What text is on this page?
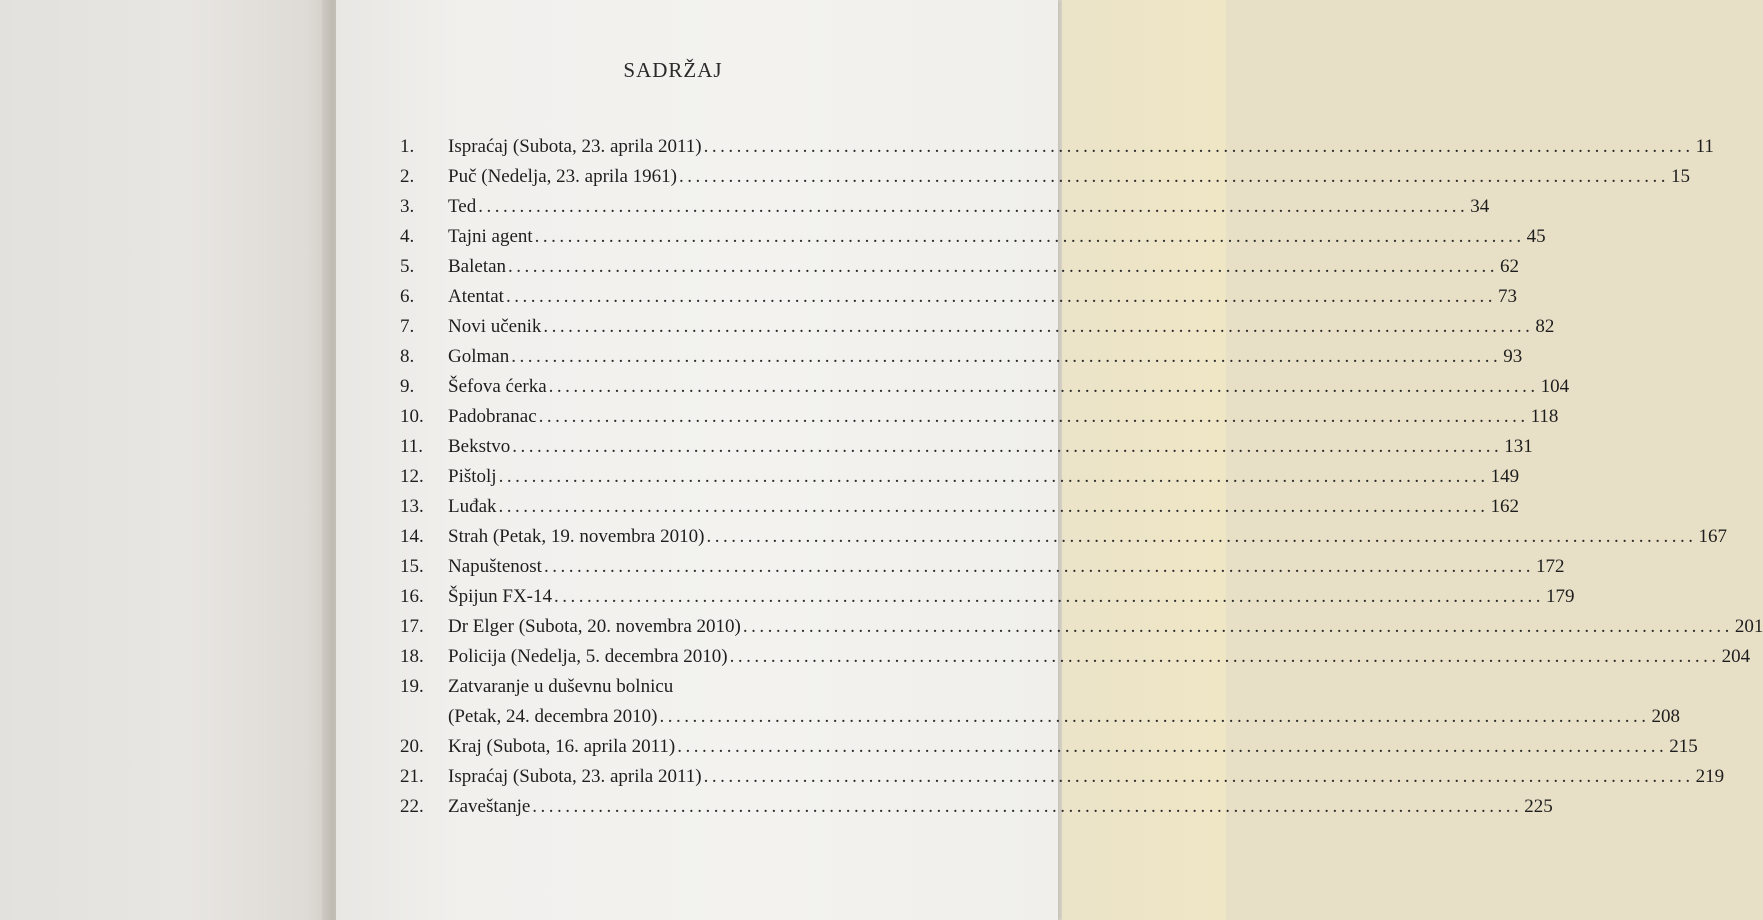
SADRŽAJ
1.	Ispraćaj (Subota, 23. aprila 2011) ........................................................................................................................ 11
2.	Puč (Nedelja, 23. aprila 1961) ........................................................................................................................ 15
3.	Ted ........................................................................................................................ 34
4.	Tajni agent ........................................................................................................................ 45
5.	Baletan ........................................................................................................................ 62
6.	Atentat ........................................................................................................................ 73
7.	Novi učenik ........................................................................................................................ 82
8.	Golman ........................................................................................................................ 93
9.	Šefova ćerka ........................................................................................................................ 104
10.	Padobranac ........................................................................................................................ 118
11.	Bekstvo ........................................................................................................................ 131
12.	Pištolj ........................................................................................................................ 149
13.	Luđak ........................................................................................................................ 162
14.	Strah (Petak, 19. novembra 2010) ........................................................................................................................ 167
15.	Napuštenost ........................................................................................................................ 172
16.	Špijun FX-14 ........................................................................................................................ 179
17.	Dr Elger (Subota, 20. novembra 2010) ........................................................................................................................ 201
18.	Policija (Nedelja, 5. decembra 2010) ........................................................................................................................ 204
19.	Zatvaranje u duševnu bolnicu
(Petak, 24. decembra 2010) ........................................................................................................................ 208
20.	Kraj (Subota, 16. aprila 2011) ........................................................................................................................ 215
21.	Ispraćaj (Subota, 23. aprila 2011) ........................................................................................................................ 219
22.	Zaveštanje ........................................................................................................................ 225
